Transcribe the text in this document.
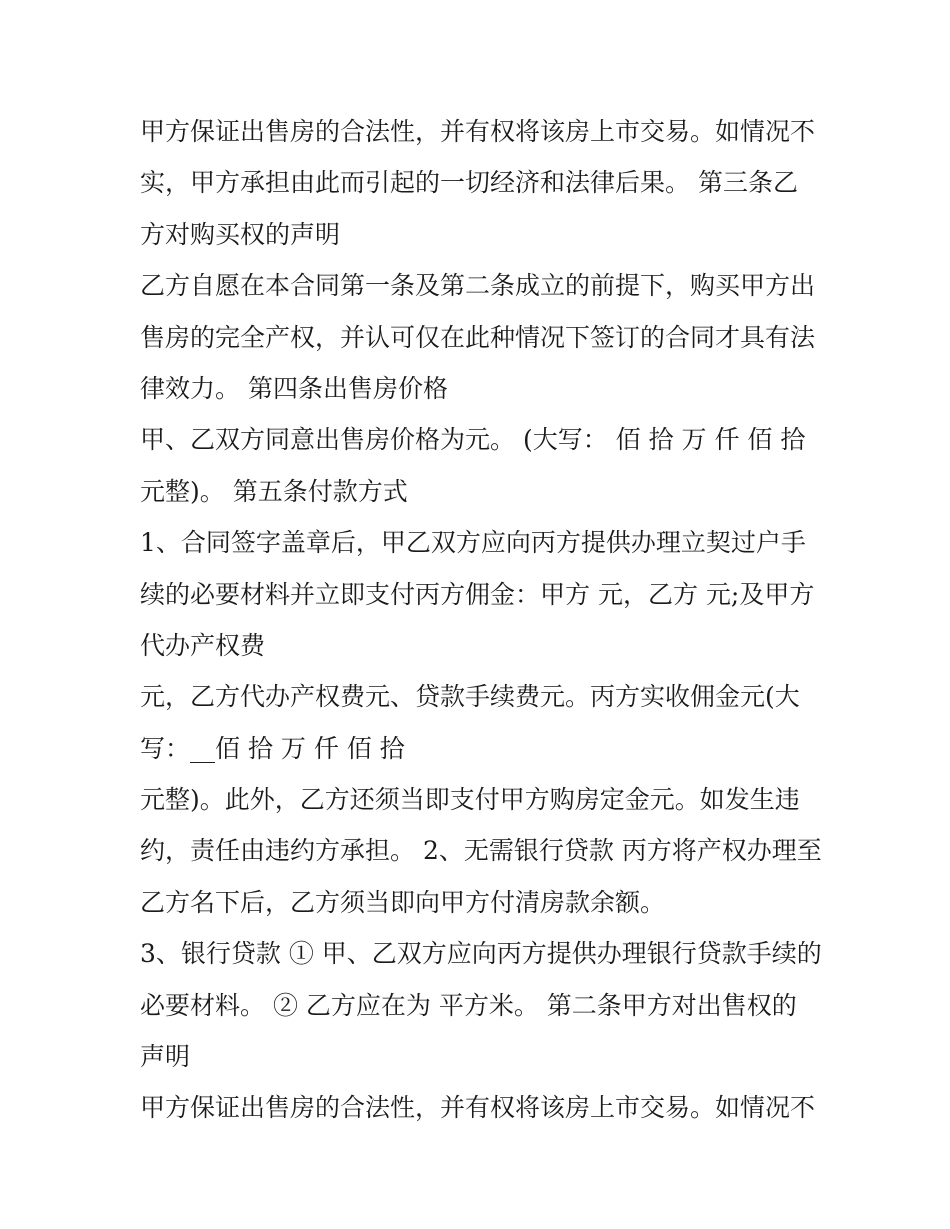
甲方保证出售房的合法性，并有权将该房上市交易。如情况不
实，甲方承担由此而引起的一切经济和法律后果。 第三条乙
方对购买权的声明
乙方自愿在本合同第一条及第二条成立的前提下，购买甲方出
售房的完全产权，并认可仅在此种情况下签订的合同才具有法
律效力。 第四条出售房价格
甲、乙双方同意出售房价格为元。 (大写： 佰 拾 万 仟 佰 拾
元整)。 第五条付款方式
1、合同签字盖章后，甲乙双方应向丙方提供办理立契过户手
续的必要材料并立即支付丙方佣金：甲方 元，乙方 元;及甲方
代办产权费
元，乙方代办产权费元、贷款手续费元。丙方实收佣金元(大
写：__佰 拾 万 仟 佰 拾
元整)。此外，乙方还须当即支付甲方购房定金元。如发生违
约，责任由违约方承担。 2、无需银行贷款 丙方将产权办理至
乙方名下后，乙方须当即向甲方付清房款余额。
3、银行贷款 ① 甲、乙双方应向丙方提供办理银行贷款手续的
必要材料。 ② 乙方应在为 平方米。 第二条甲方对出售权的
声明
甲方保证出售房的合法性，并有权将该房上市交易。如情况不
